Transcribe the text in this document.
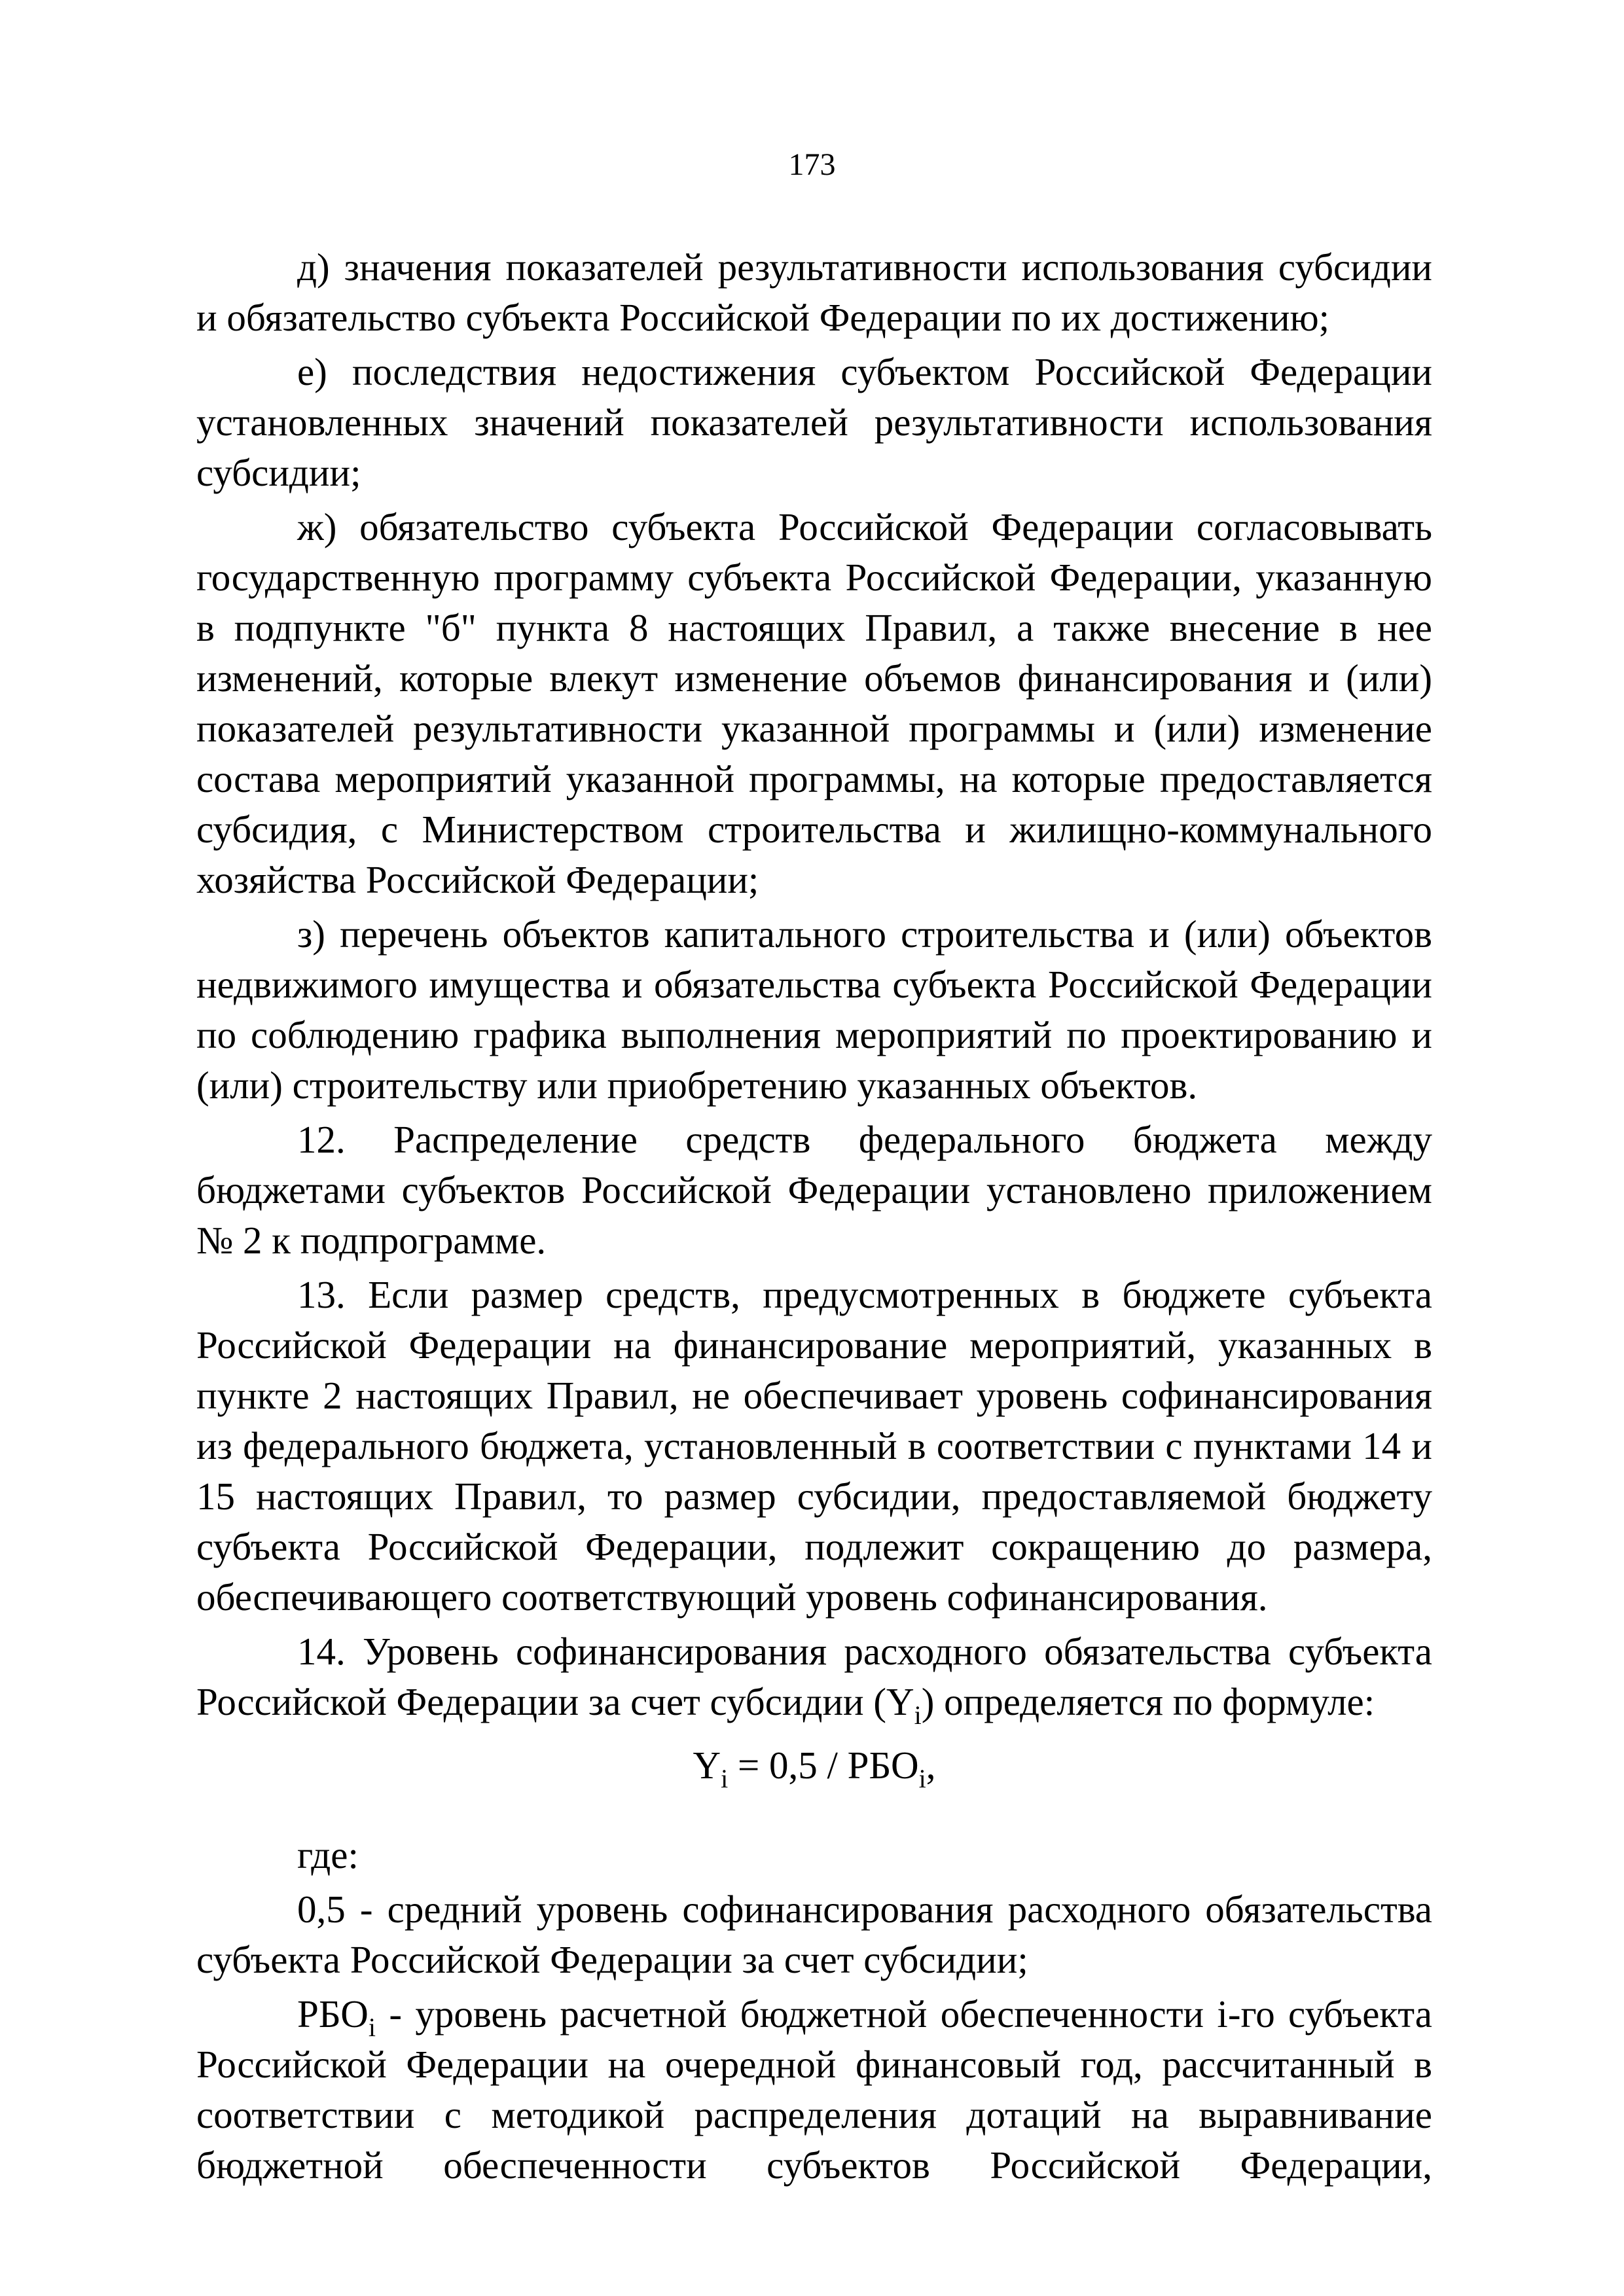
173

д) значения показателей результативности использования субсидии и обязательство субъекта Российской Федерации по их достижению;

е) последствия недостижения субъектом Российской Федерации установленных значений показателей результативности использования субсидии;

ж) обязательство субъекта Российской Федерации согласовывать государственную программу субъекта Российской Федерации, указанную в подпункте "б" пункта 8 настоящих Правил, а также внесение в нее изменений, которые влекут изменение объемов финансирования и (или) показателей результативности указанной программы и (или) изменение состава мероприятий указанной программы, на которые предоставляется субсидия, с Министерством строительства и жилищно-коммунального хозяйства Российской Федерации;

з) перечень объектов капитального строительства и (или) объектов недвижимого имущества и обязательства субъекта Российской Федерации по соблюдению графика выполнения мероприятий по проектированию и (или) строительству или приобретению указанных объектов.

12. Распределение средств федерального бюджета между бюджетами субъектов Российской Федерации установлено приложением № 2 к подпрограмме.

13. Если размер средств, предусмотренных в бюджете субъекта Российской Федерации на финансирование мероприятий, указанных в пункте 2 настоящих Правил, не обеспечивает уровень софинансирования из федерального бюджета, установленный в соответствии с пунктами 14 и 15 настоящих Правил, то размер субсидии, предоставляемой бюджету субъекта Российской Федерации, подлежит сокращению до размера, обеспечивающего соответствующий уровень софинансирования.

14. Уровень софинансирования расходного обязательства субъекта Российской Федерации за счет субсидии $(Y_i)$ определяется по формуле:

$Y_i = 0,5 / РБО_i$,

где:

0,5 - средний уровень софинансирования расходного обязательства субъекта Российской Федерации за счет субсидии;

$РБО_i$ - уровень расчетной бюджетной обеспеченности i-го субъекта Российской Федерации на очередной финансовый год, рассчитанный в соответствии с методикой распределения дотаций на выравнивание бюджетной обеспеченности субъектов Российской Федерации,
